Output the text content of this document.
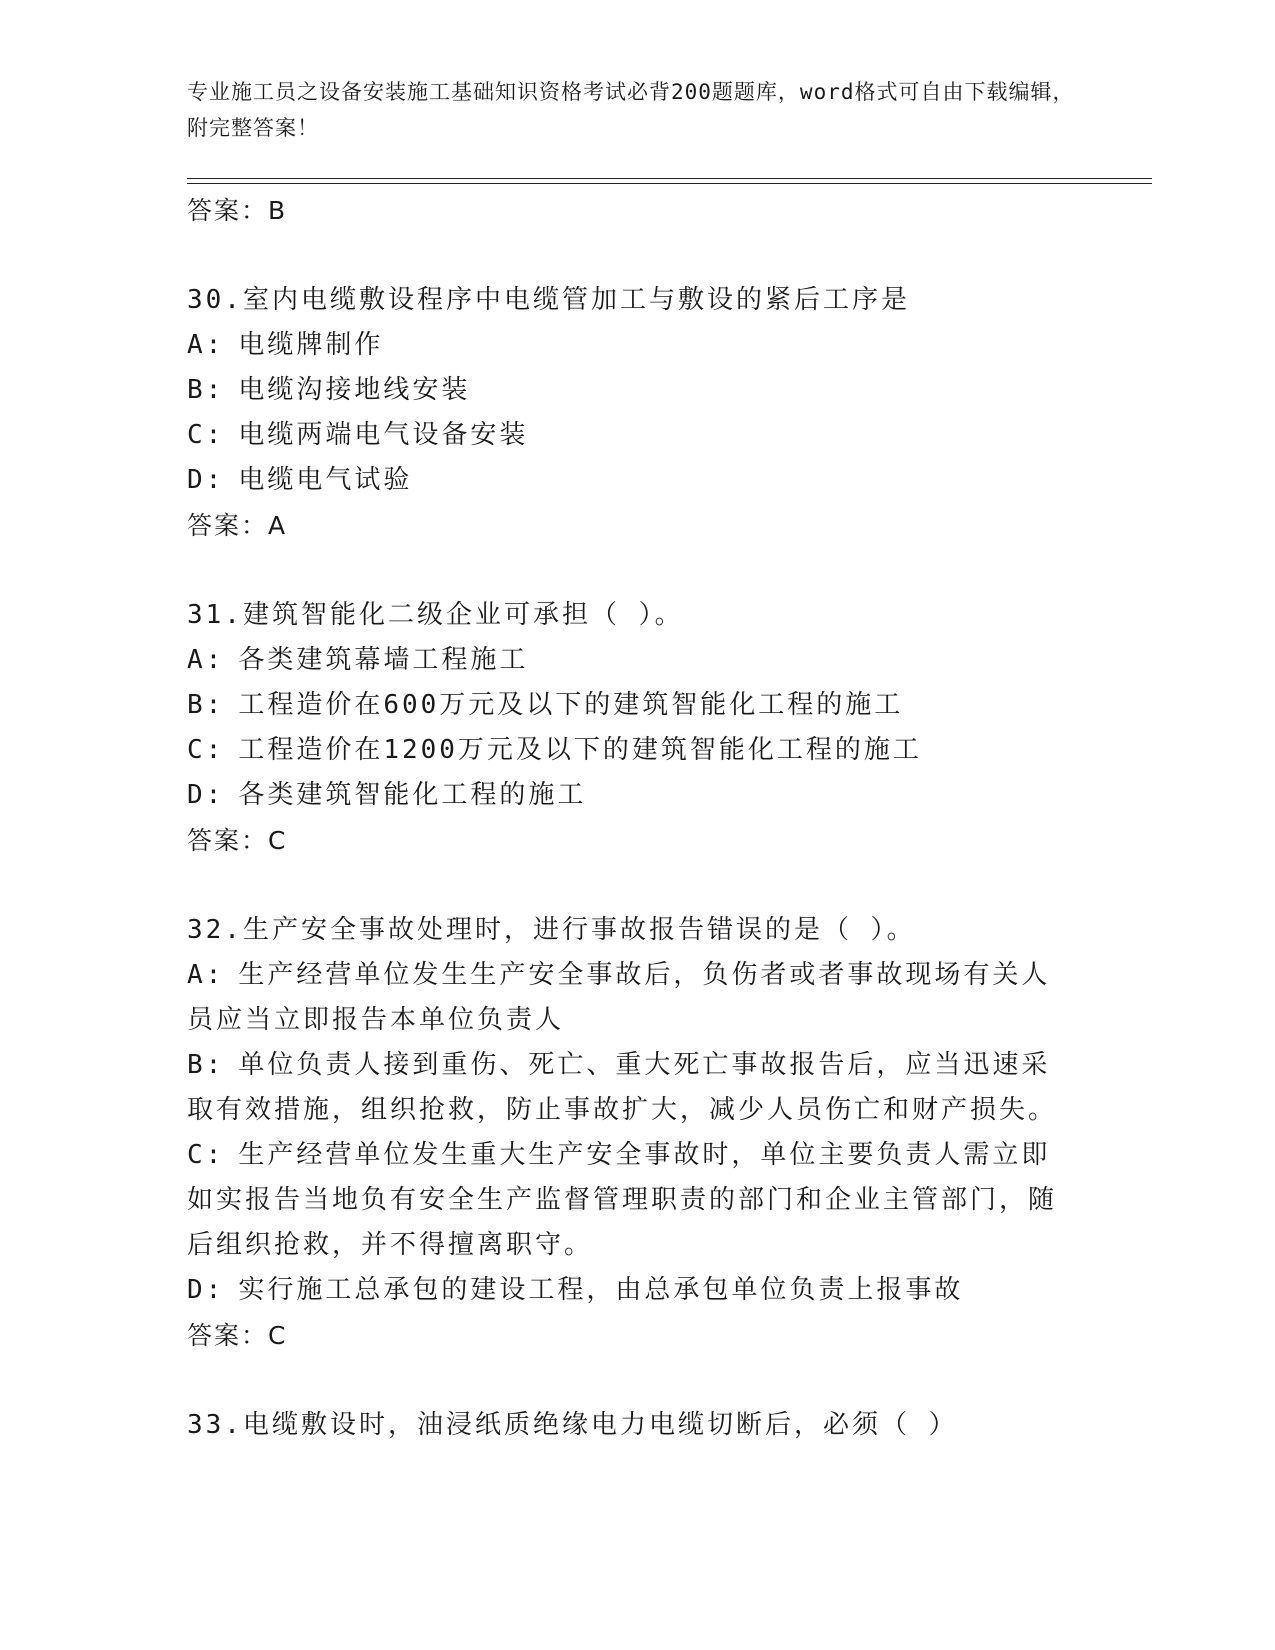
专业施工员之设备安装施工基础知识资格考试必背200题题库，word格式可自由下载编辑，附完整答案！
答案：B
30.室内电缆敷设程序中电缆管加工与敷设的紧后工序是
A: 电缆牌制作
B: 电缆沟接地线安装
C: 电缆两端电气设备安装
D: 电缆电气试验
答案：A
31.建筑智能化二级企业可承担（ ）。
A: 各类建筑幕墙工程施工
B: 工程造价在600万元及以下的建筑智能化工程的施工
C: 工程造价在1200万元及以下的建筑智能化工程的施工
D: 各类建筑智能化工程的施工
答案：C
32.生产安全事故处理时，进行事故报告错误的是（ ）。
A: 生产经营单位发生生产安全事故后，负伤者或者事故现场有关人员应当立即报告本单位负责人
B: 单位负责人接到重伤、死亡、重大死亡事故报告后，应当迅速采取有效措施，组织抢救，防止事故扩大，减少人员伤亡和财产损失。
C: 生产经营单位发生重大生产安全事故时，单位主要负责人需立即如实报告当地负有安全生产监督管理职责的部门和企业主管部门，随后组织抢救，并不得擅离职守。
D: 实行施工总承包的建设工程，由总承包单位负责上报事故
答案：C
33.电缆敷设时，油浸纸质绝缘电力电缆切断后，必须（ ）
